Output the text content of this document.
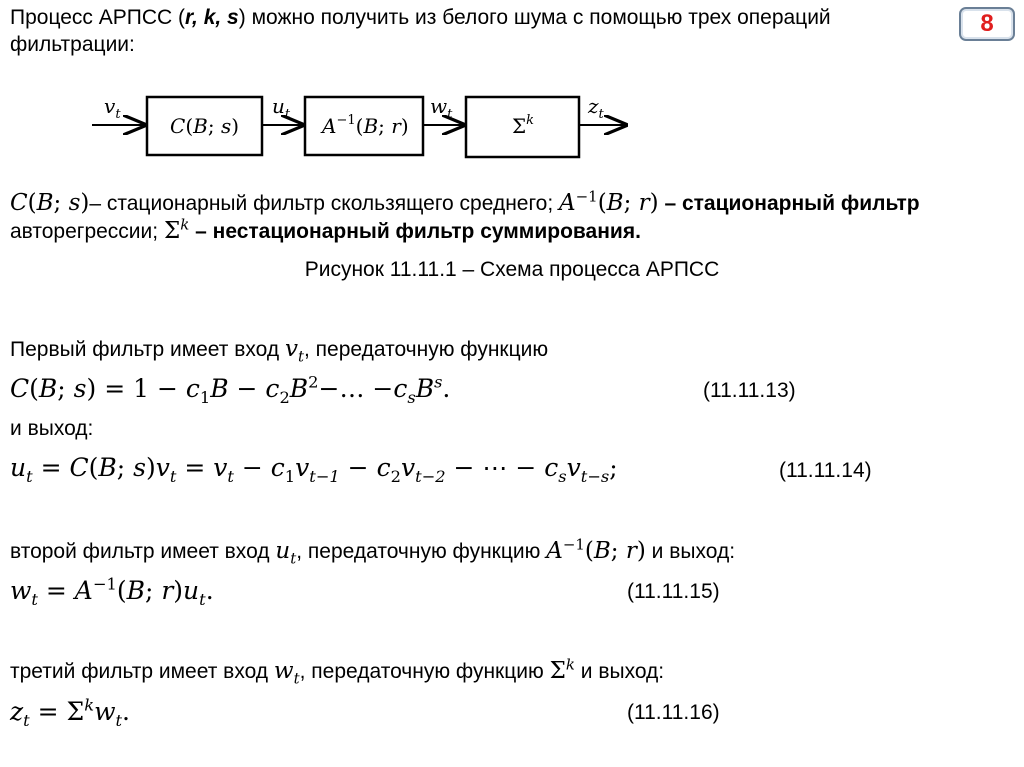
8
Процесс АРПСС (r, k, s) можно получить из белого шума с помощью трех операций
фильтрации:
$v_t$ C(B; s)
$u_t$ $A^{-1}(B$; r)
$w_t$	$\Sigma^k$
$z_t$
C(B; s)– стационарный фильтр скользящего среднего; $A^{-1}(B$; r) – стационарный фильтр
авторегрессии; $\Sigma^k$ – нестационарный фильтр суммирования.
Рисунок 11.11.1 – Схема процесса АРПСС
Первый фильтр имеет вход $v_t$, передаточную функцию
C(B; $s) = 1 - c_1B$ − $c_2B^2-\dots -c_sB^s$.	(11.11.13)
и выход:
$u_t = C(B$; $s)v_t = v_t - c_1v_{t-1} - c_2v_{t-2}$ − ⋯ − $c_sv_{t-s}$;	(11.11.14)
второй фильтр имеет вход $u_t$, передаточную функцию $A^{-1}(B$; r) и выход:
$w_t = A^{-1}(B$; $r)u_t$.	(11.11.15)
третий фильтр имеет вход $w_t$, передаточную функцию $\Sigma^k$ и выход:
$z_t = \Sigma^kw_t$.	(11.11.16)
